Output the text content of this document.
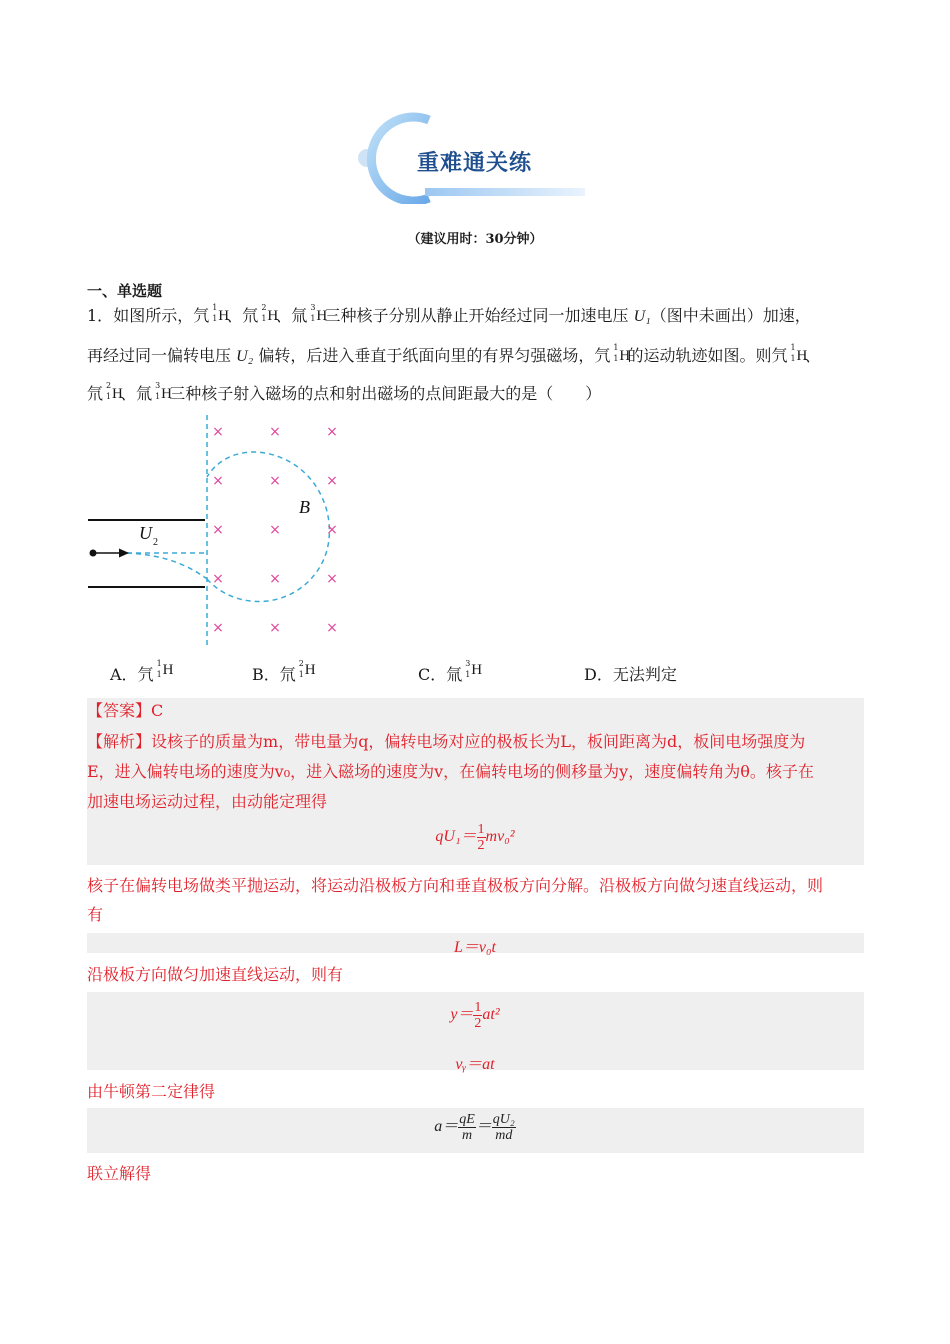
重难通关练
（建议用时：30分钟）
一、单选题
1．如图所示，氕 1
1 H
、氘 2
1 H
、氚 3
1 H
三种核子分别从静止开始经过同一加速电压 U₁（图中未画出）加速，
再经过同一偏转电压 U₂ 偏转，后进入垂直于纸面向里的有界匀强磁场，氕 1
1 H
的运动轨迹如图。则氕 1
1 H
、
氘 2
1 H
、氚 3
1 H
三种核子射入磁场的点和射出磁场的点间距最大的是（　　）
×	×	×
×	×	×
×	×	×
×	×	×
×	×	×
B
U 2
A．氕
1
1 H	B．氘
2
1 H	C．氚
3
1 H	D．无法判定
【答案】C
【解析】设核子的质量为m，带电量为q，偏转电场对应的极板长为L，板间距离为d，板间电场强度为
E，进入偏转电场的速度为v₀，进入磁场的速度为v，在偏转电场的侧移量为y，速度偏转角为θ。核子在
加速电场运动过程，由动能定理得
$qU_1= \frac{1}{2} mv_0^2$
核子在偏转电场做类平抛运动，将运动沿极板方向和垂直极板方向分解。沿极板方向做匀速直线运动，则
有
L＝v₀t
沿极板方向做匀加速直线运动，则有
$y= \frac{1}{2} at^2$
vᵧ＝at
由牛顿第二定律得
$a= \frac{qE}{m} = \frac{\text{qU₂}}{md}$
联立解得
